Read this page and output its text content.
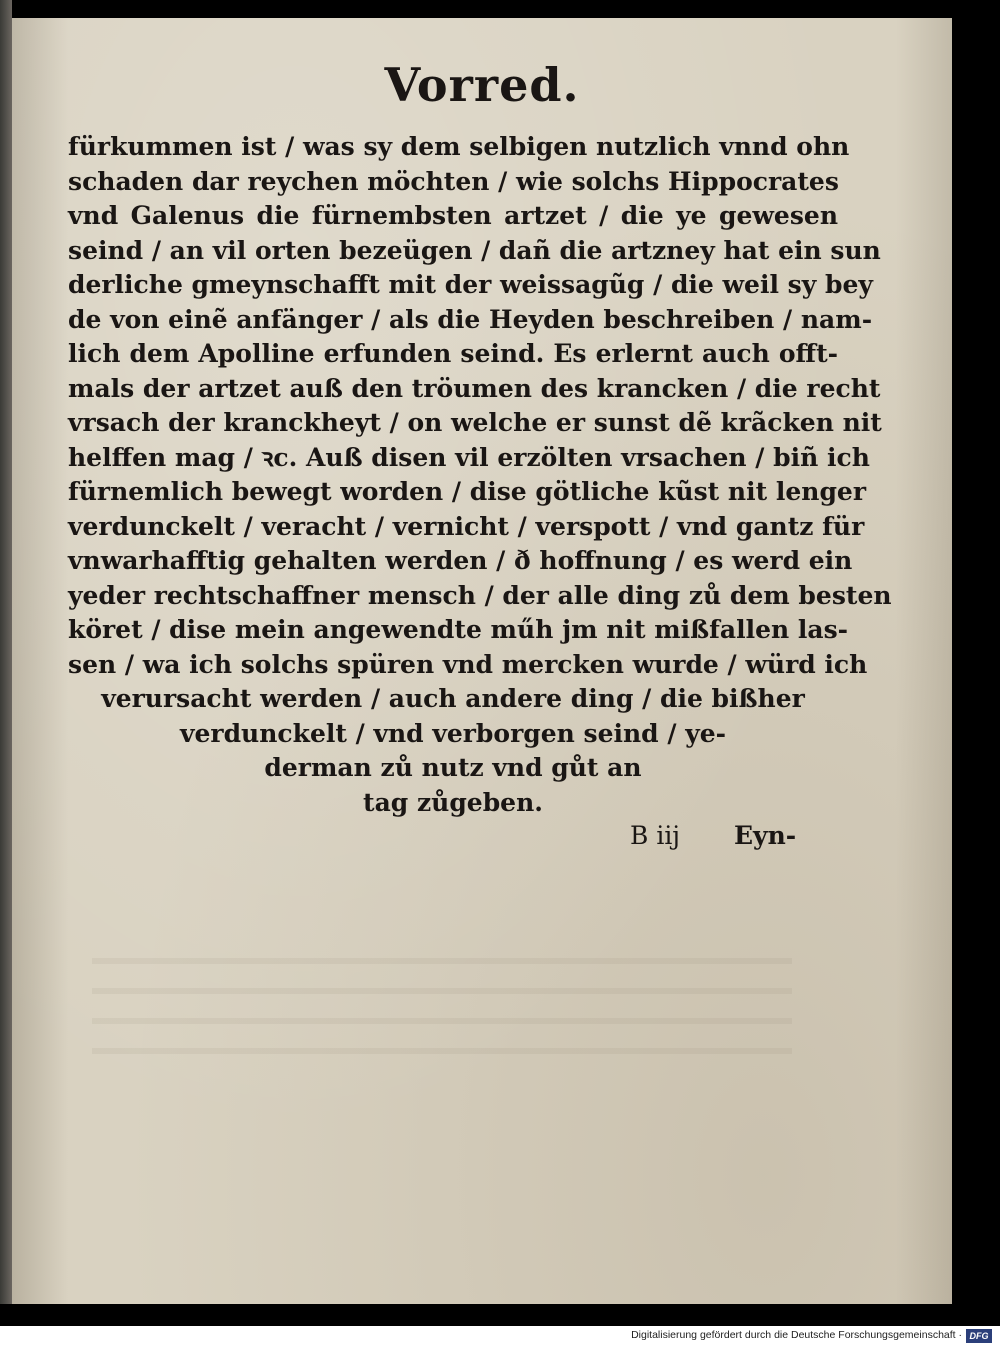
Vorred.
fürkummen ist / was sy dem selbigen nutzlich vnnd ohn
schaden dar reychen möchten / wie solchs Hippocrates
vnd Galenus die fürnembsten artzet / die ye gewesen
seind / an vil orten bezeügen / dañ die artzney hat ein sun
derliche gmeynschafft mit der weissagũg / die weil sy bey
de von einẽ anfänger / als die Heyden beschreiben / nam-
lich dem Apolline erfunden seind. Es erlernt auch offt-
mals der artzet auß den tröumen des krancken / die recht
vrsach der kranckheyt / on welche er sunst dẽ krãcken nit
helffen mag / ꝛc. Auß disen vil erzölten vrsachen / biñ ich
fürnemlich bewegt worden / dise götliche kũst nit lenger
verdunckelt / veracht / vernicht / verspott / vnd gantz für
vnwarhafftig gehalten werden / ð hoffnung / es werd ein
yeder rechtschaffner mensch / der alle ding zů dem besten
köret / dise mein angewendte műh jm nit mißfallen las-
sen / wa ich solchs spüren vnd mercken wurde / würd ich
verursacht werden / auch andere ding / die bißher
verdunckelt / vnd verborgen seind / ye-
derman zů nutz vnd gůt an
tag zůgeben.
B iij Eyn-
Digitalisierung gefördert durch die Deutsche Forschungsgemeinschaft · DFG
